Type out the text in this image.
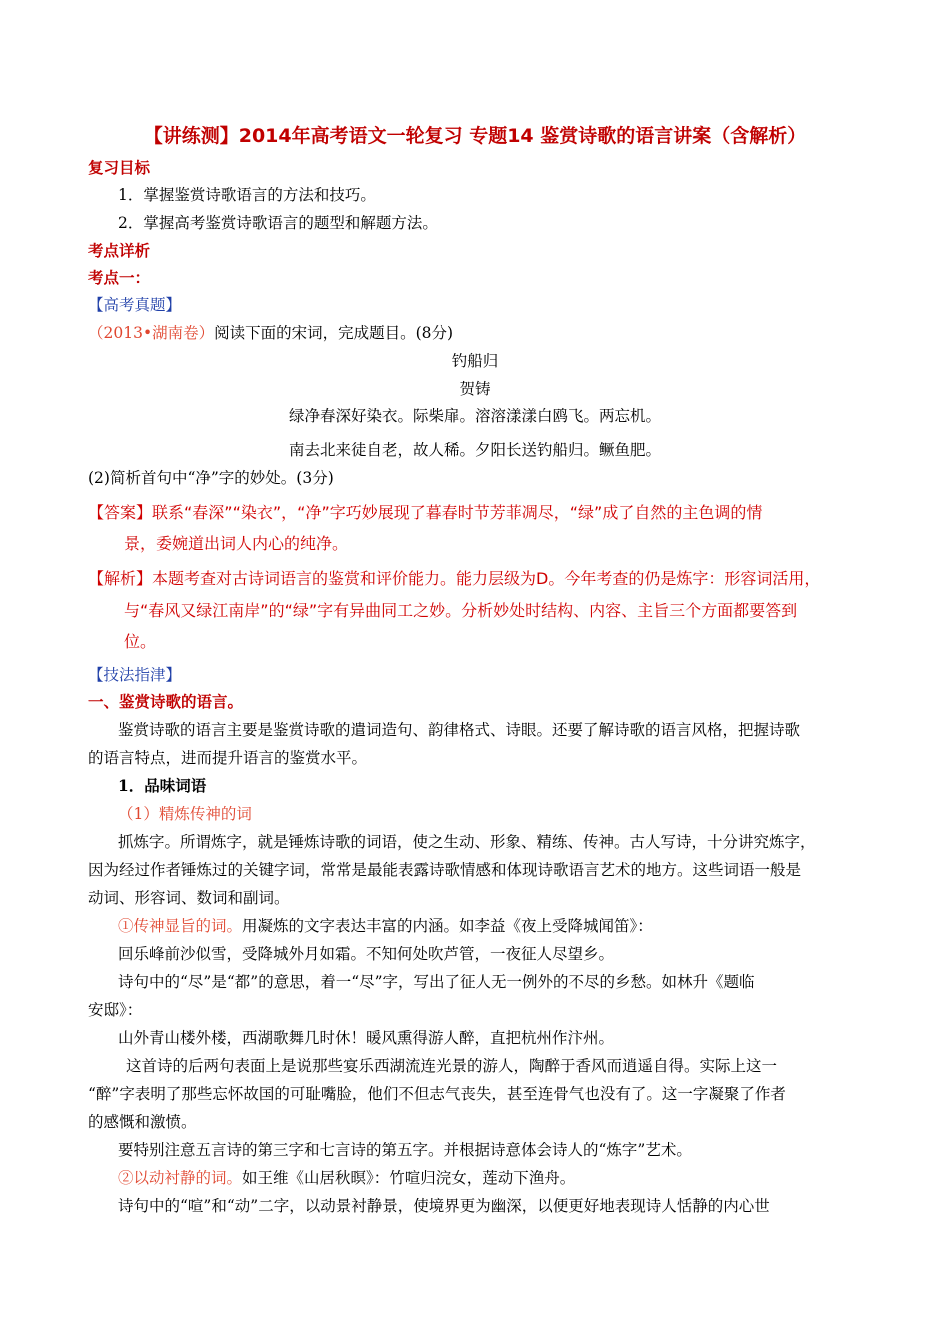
【讲练测】2014年高考语文一轮复习 专题14 鉴赏诗歌的语言讲案（含解析）
复习目标
1．掌握鉴赏诗歌语言的方法和技巧。
2．掌握高考鉴赏诗歌语言的题型和解题方法。
考点详析
考点一：
【高考真题】
（2013•湖南卷）阅读下面的宋词，完成题目。(8分)
钓船归
贺铸
绿净春深好染衣。际柴扉。溶溶漾漾白鸥飞。两忘机。
南去北来徒自老，故人稀。夕阳长送钓船归。鳜鱼肥。
(2)简析首句中“净”字的妙处。(3分)
【答案】联系“春深”“染衣”，“净”字巧妙展现了暮春时节芳菲凋尽，“绿”成了自然的主色调的情
景，委婉道出词人内心的纯净。
【解析】本题考查对古诗词语言的鉴赏和评价能力。能力层级为D。今年考查的仍是炼字：形容词活用，
与“春风又绿江南岸”的“绿”字有异曲同工之妙。分析妙处时结构、内容、主旨三个方面都要答到
位。
【技法指津】
一、鉴赏诗歌的语言。
鉴赏诗歌的语言主要是鉴赏诗歌的遣词造句、韵律格式、诗眼。还要了解诗歌的语言风格，把握诗歌
的语言特点，进而提升语言的鉴赏水平。
1．品味词语
（1）精炼传神的词
抓炼字。所谓炼字，就是锤炼诗歌的词语，使之生动、形象、精练、传神。古人写诗，十分讲究炼字，
因为经过作者锤炼过的关键字词，常常是最能表露诗歌情感和体现诗歌语言艺术的地方。这些词语一般是
动词、形容词、数词和副词。
①传神显旨的词。用凝炼的文字表达丰富的内涵。如李益《夜上受降城闻笛》：
回乐峰前沙似雪，受降城外月如霜。不知何处吹芦管，一夜征人尽望乡。
诗句中的“尽”是“都”的意思，着一“尽”字，写出了征人无一例外的不尽的乡愁。如林升《题临
安邸》：
山外青山楼外楼，西湖歌舞几时休！暖风熏得游人醉，直把杭州作汴州。
这首诗的后两句表面上是说那些宴乐西湖流连光景的游人，陶醉于香风而逍遥自得。实际上这一
“醉”字表明了那些忘怀故国的可耻嘴脸，他们不但志气丧失，甚至连骨气也没有了。这一字凝聚了作者
的感慨和激愤。
要特别注意五言诗的第三字和七言诗的第五字。并根据诗意体会诗人的“炼字”艺术。
②以动衬静的词。如王维《山居秋暝》：竹喧归浣女，莲动下渔舟。
诗句中的“喧”和“动”二字，以动景衬静景，使境界更为幽深，以便更好地表现诗人恬静的内心世
